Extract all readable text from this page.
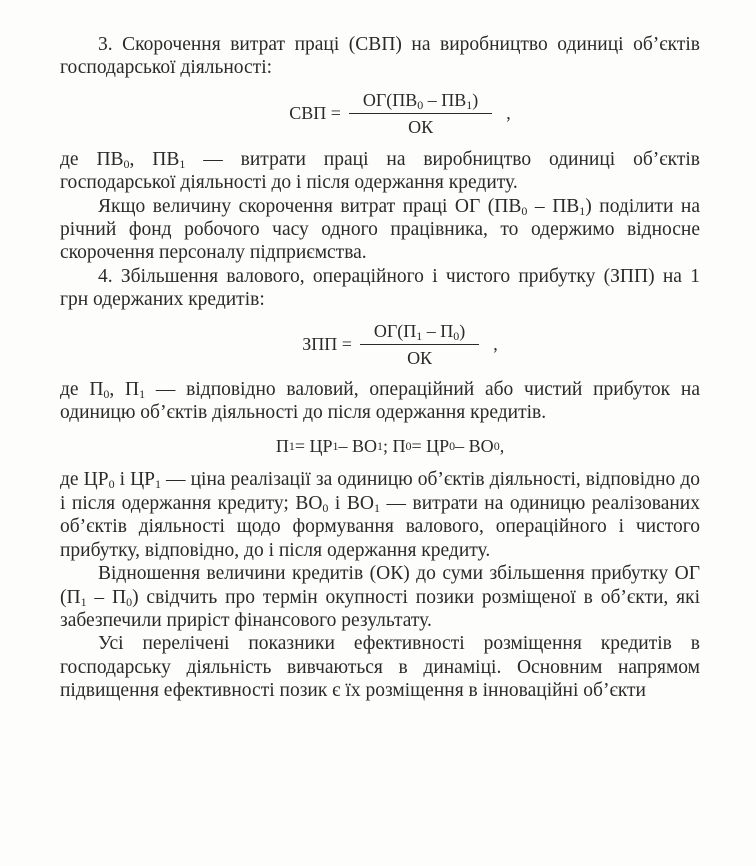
3. Скорочення витрат праці (СВП) на виробництво одиниці об’єктів господарської діяльності:

СВП = $\frac{ОГ(ПВ_0 - ПВ_1)}{ОК}$ ,

де $ПВ_0$, $ПВ_1$ — витрати праці на виробництво одиниці об’єктів господарської діяльності до і після одержання кредиту.

Якщо величину скорочення витрат праці ОГ $(ПВ_0 - ПВ_1)$ поділити на річний фонд робочого часу одного працівника, то одержимо відносне скорочення персоналу підприємства.

4. Збільшення валового, операційного і чистого прибутку (ЗПП) на 1 грн одержаних кредитів:

ЗПП = $\frac{ОГ(П_1 - П_0)}{ОК}$ ,

де $П_0$, $П_1$ — відповідно валовий, операційний або чистий прибуток на одиницю об’єктів діяльності до після одержання кредитів.

П 1 = ЦР 1 – ВО 1 ; П 0 = ЦР 0 – ВО 0 ,

де $ЦР_0$ і $ЦР_1$ — ціна реалізації за одиницю об’єктів діяльності, відповідно до і після одержання кредиту; $ВО_0$ і $ВО_1$ — витрати на одиницю реалізованих об’єктів діяльності щодо формування валового, операційного і чистого прибутку, відповідно, до і після одержання кредиту.

Відношення величини кредитів (ОК) до суми збільшення прибутку ОГ $(П_1 - П_0)$ свідчить про термін окупності позики розміщеної в об’єкти, які забезпечили приріст фінансового результату.

Усі перелічені показники ефективності розміщення кредитів в господарську діяльність вивчаються в динаміці. Основним напрямом підвищення ефективності позик є їх розміщення в інноваційні об’єкти
